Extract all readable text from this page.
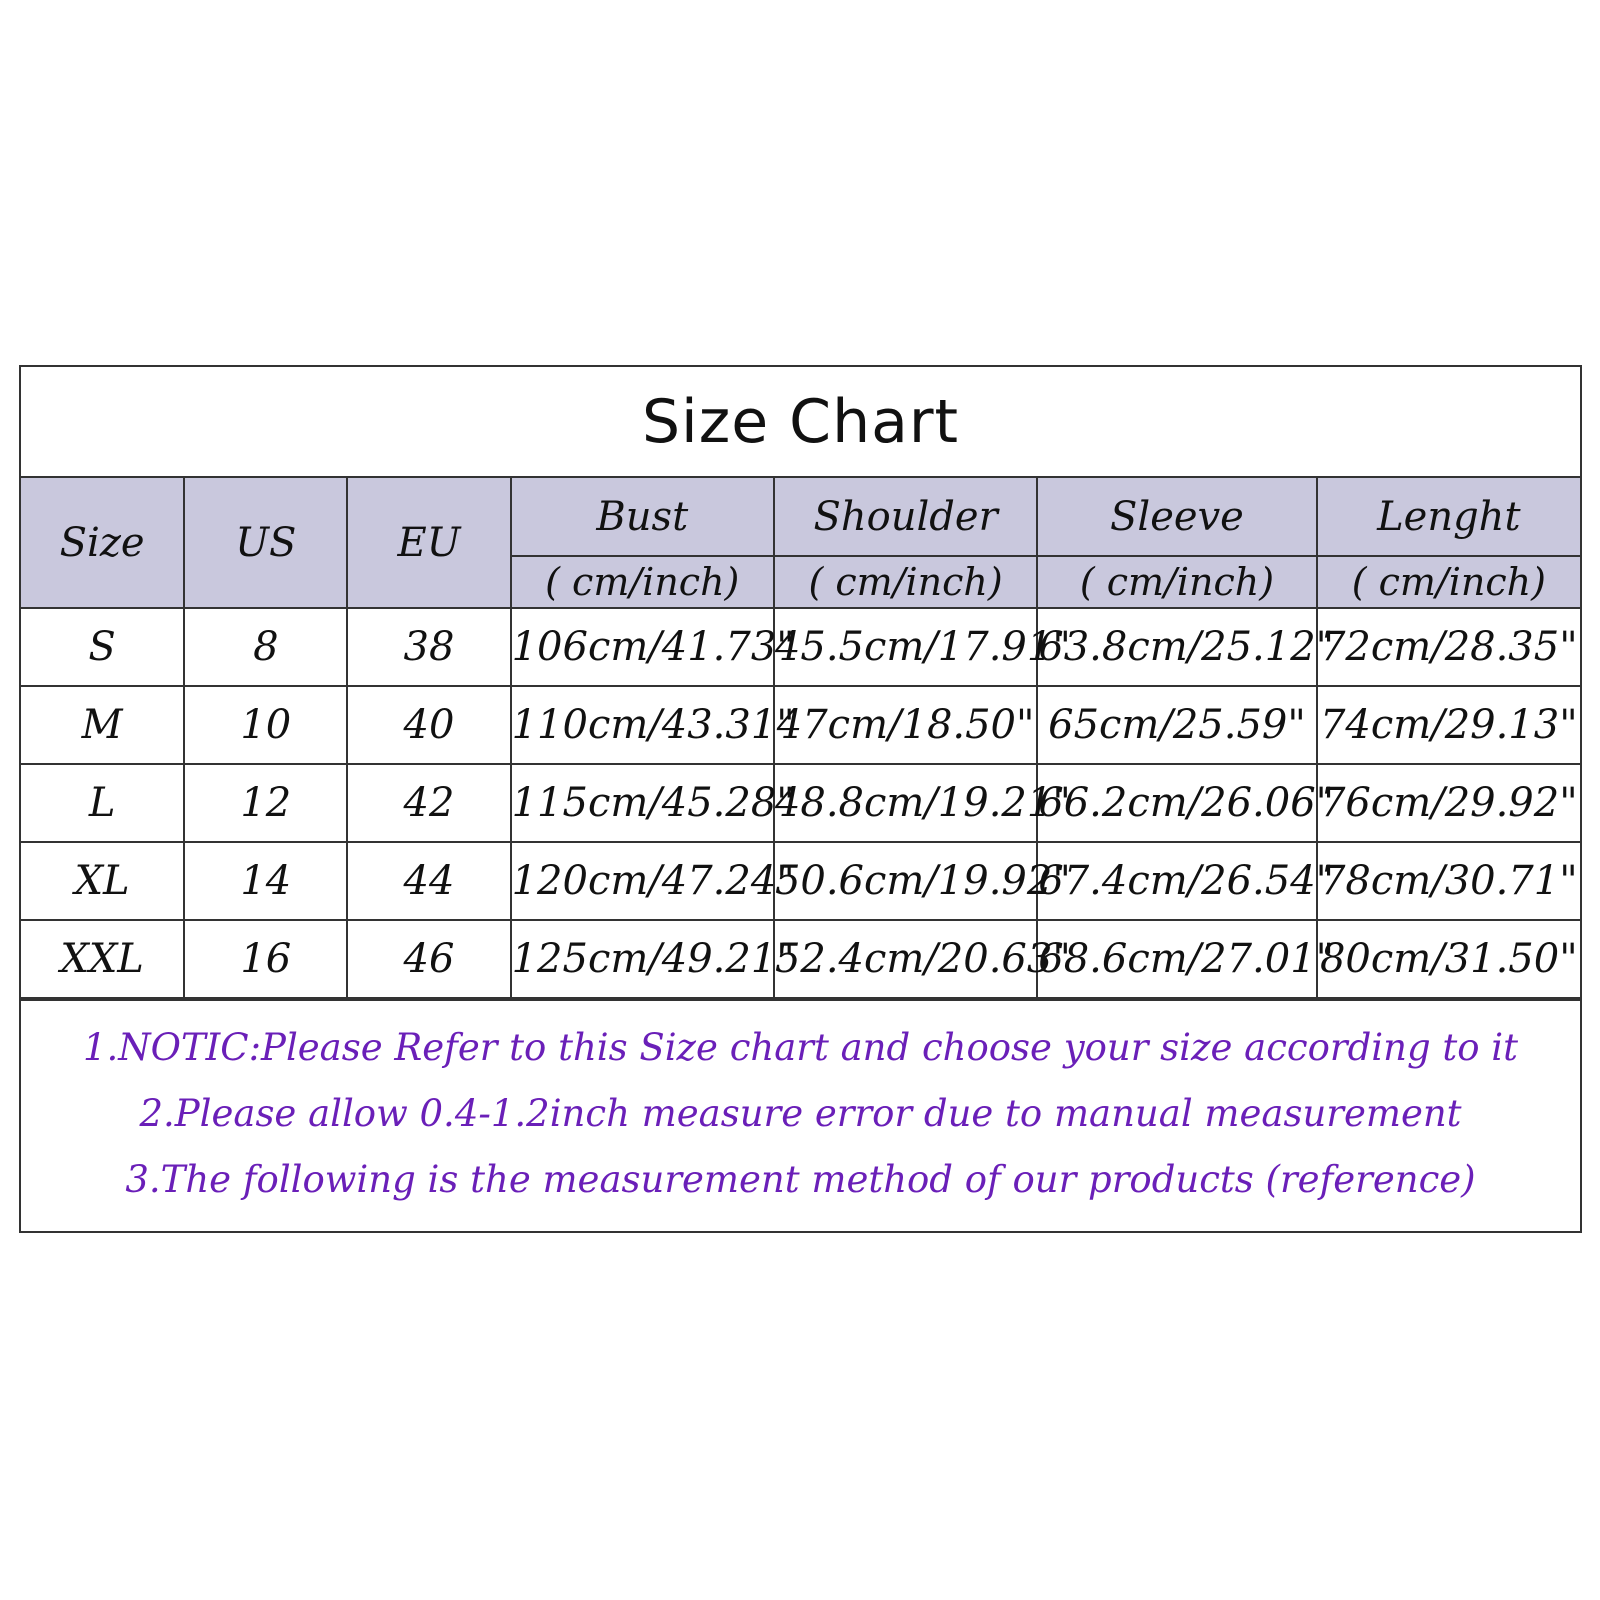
Size Chart
Size	US	EU	Bust	Shoulder	Sleeve	Lenght
			( cm/inch)	( cm/inch)	( cm/inch)	( cm/inch)
S	8	38	106cm/41.73"	45.5cm/17.91"	63.8cm/25.12"	72cm/28.35"
M	10	40	110cm/43.31"	47cm/18.50"	65cm/25.59"	74cm/29.13"
L	12	42	115cm/45.28"	48.8cm/19.21"	66.2cm/26.06"	76cm/29.92"
XL	14	44	120cm/47.24"	50.6cm/19.92"	67.4cm/26.54"	78cm/30.71"
XXL	16	46	125cm/49.21"	52.4cm/20.63"	68.6cm/27.01"	80cm/31.50"
1.NOTIC:Please Refer to this Size chart and choose your size according to it
2.Please allow 0.4-1.2inch measure error due to manual measurement
3.The following is the measurement method of our products (reference)
